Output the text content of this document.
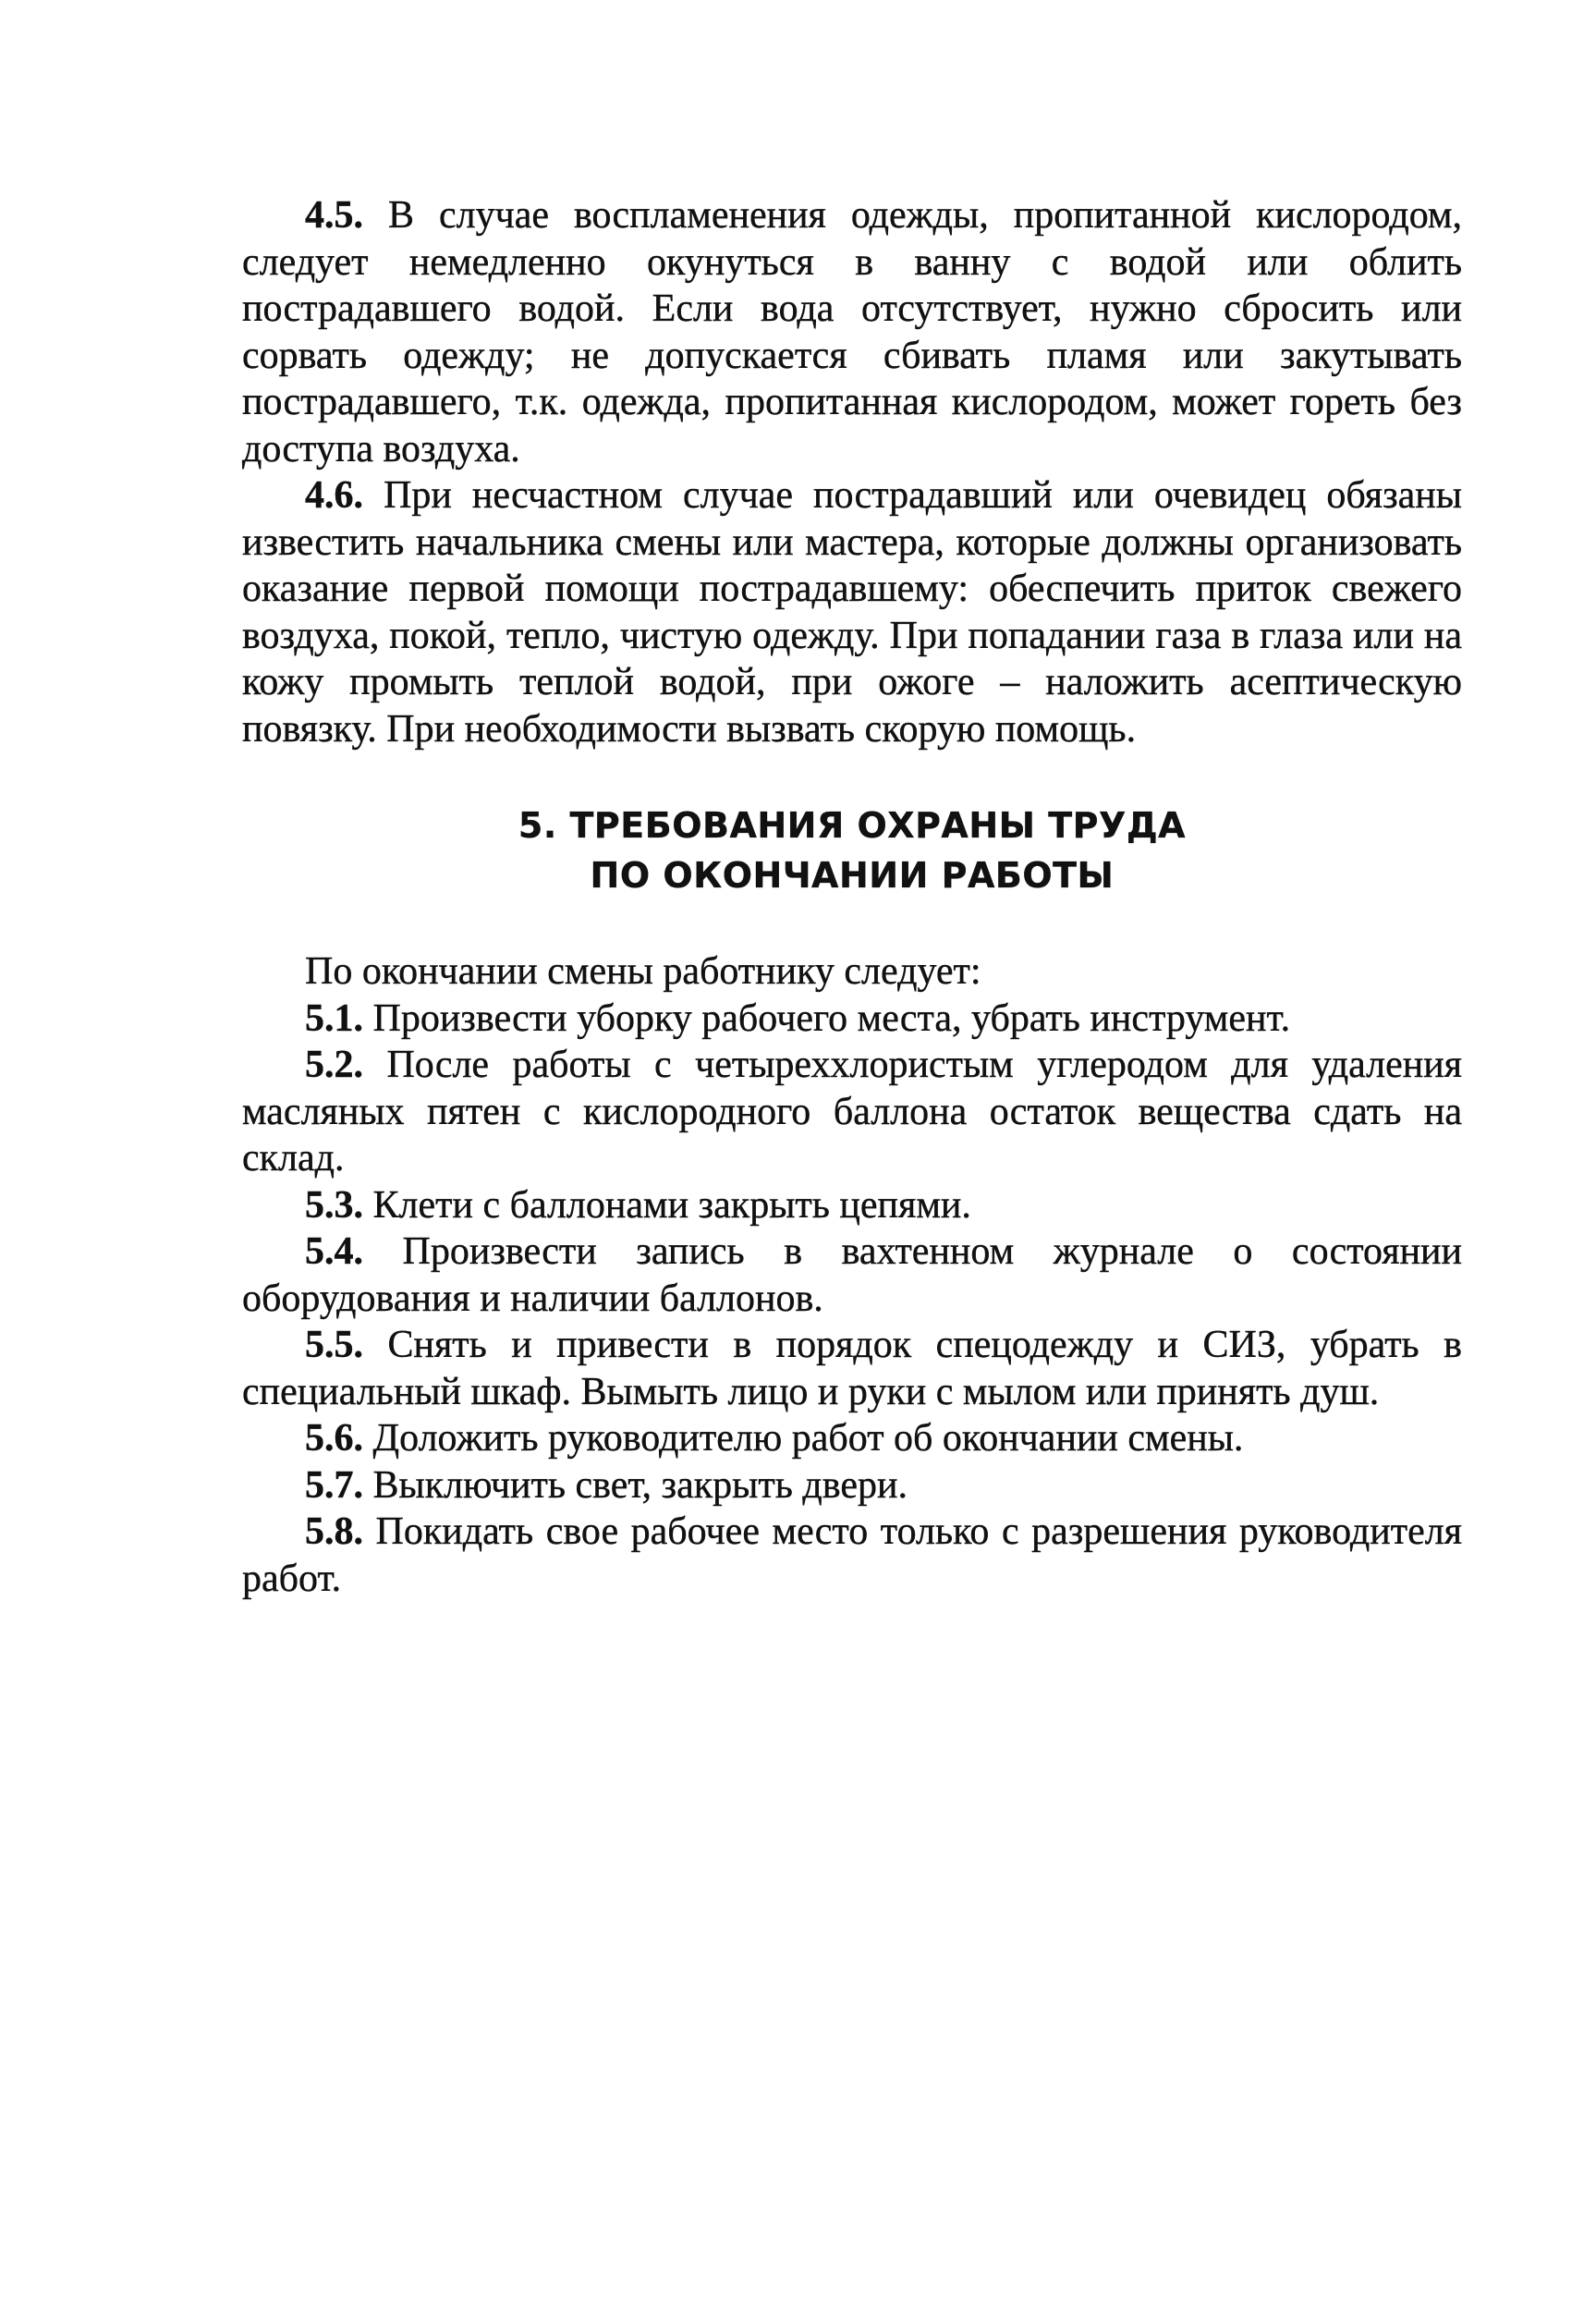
4.5. В случае воспламенения одежды, пропитанной кислородом, следует немедленно окунуться в ванну с водой или облить пострадавшего водой. Если вода отсутствует, нужно сбросить или сорвать одежду; не допускается сбивать пламя или закутывать пострадавшего, т.к. одежда, пропитанная кислородом, может гореть без доступа воздуха.

4.6. При несчастном случае пострадавший или очевидец обязаны известить начальника смены или мастера, которые должны организовать оказание первой помощи пострадавшему: обеспечить приток свежего воздуха, покой, тепло, чистую одежду. При попадании газа в глаза или на кожу промыть теплой водой, при ожоге – наложить асептическую повязку. При необходимости вызвать скорую помощь.

5. ТРЕБОВАНИЯ ОХРАНЫ ТРУДА
ПО ОКОНЧАНИИ РАБОТЫ

По окончании смены работнику следует:

5.1. Произвести уборку рабочего места, убрать инструмент.

5.2. После работы с четыреххлористым углеродом для удаления масляных пятен с кислородного баллона остаток вещества сдать на склад.

5.3. Клети с баллонами закрыть цепями.

5.4. Произвести запись в вахтенном журнале о состоянии оборудования и наличии баллонов.

5.5. Снять и привести в порядок спецодежду и СИЗ, убрать в специальный шкаф. Вымыть лицо и руки с мылом или принять душ.

5.6. Доложить руководителю работ об окончании смены.

5.7. Выключить свет, закрыть двери.

5.8. Покидать свое рабочее место только с разрешения руководителя работ.
